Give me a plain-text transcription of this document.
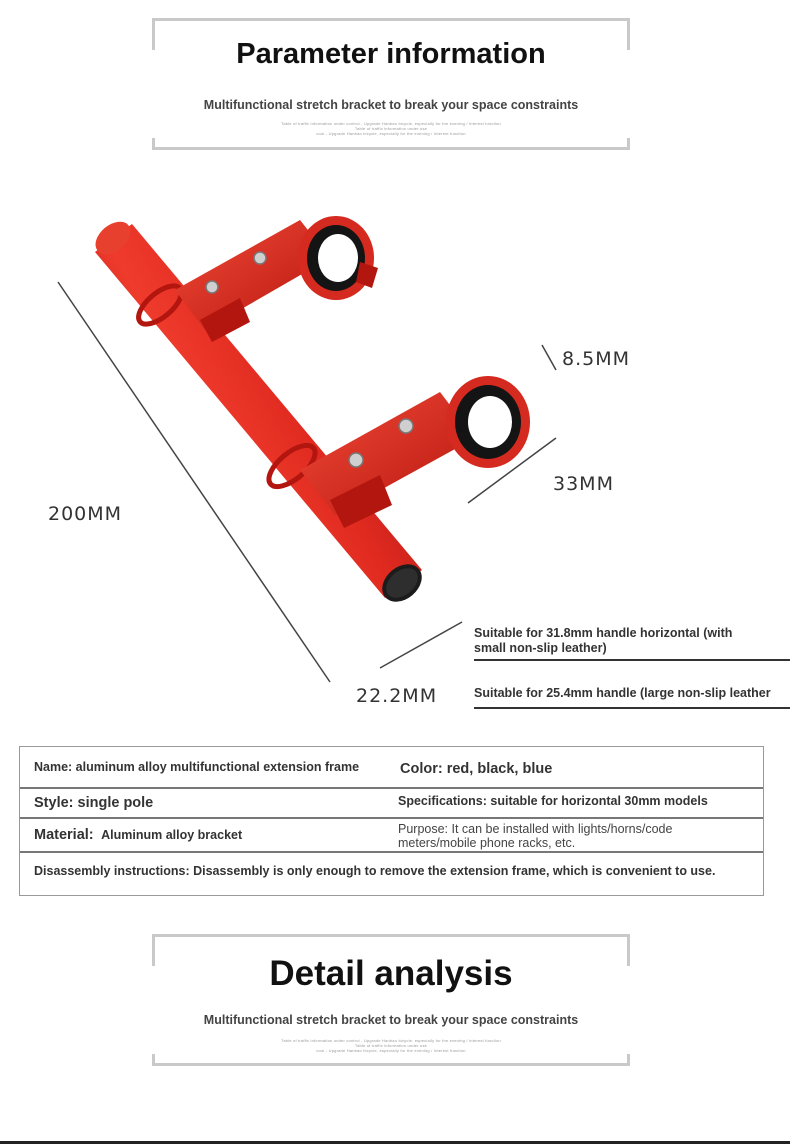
Parameter information
Multifunctional stretch bracket to break your space constraints
Table of traffic information under control - Upgrade Hanbao bicycle, especially for the evening / Interest function
Table of traffic information under use
cool - Upgrade Hanbao bicycle, especially for the evening / Interest function
200MM
8.5MM
33MM
22.2MM
Suitable for 31.8mm handle horizontal (with
small non-slip leather)
Suitable for 25.4mm handle (large non-slip leather
Name: aluminum alloy multifunctional extension frame	Color: red, black, blue
Style: single pole	Specifications: suitable for horizontal 30mm models
Material: Aluminum alloy bracket	Purpose: It can be installed with lights/horns/code
meters/mobile phone racks, etc.
Disassembly instructions: Disassembly is only enough to remove the extension frame, which is convenient to use.
Detail analysis
Multifunctional stretch bracket to break your space constraints
Table of traffic information under control - Upgrade Hanbao bicycle, especially for the evening / Interest function
Table of traffic information under use
cool - Upgrade Hanbao bicycle, especially for the evening / Interest function
